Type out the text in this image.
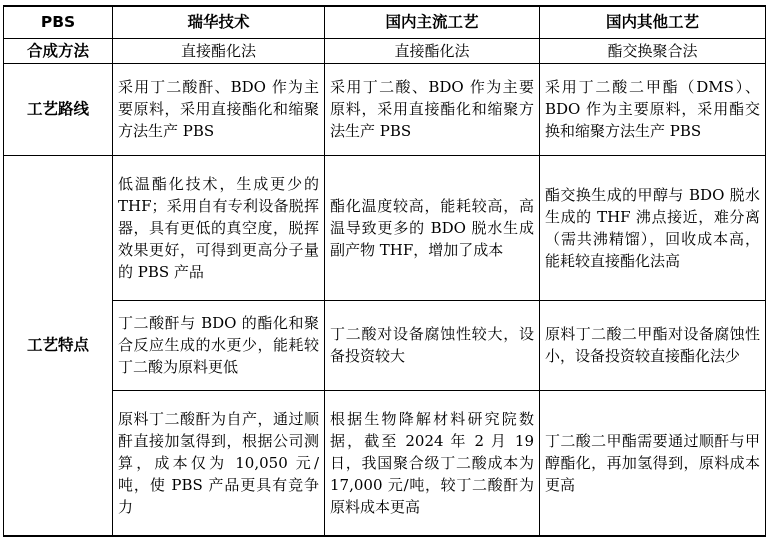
PBS	瑞华技术	国内主流工艺	国内其他工艺
合成方法	直接酯化法	直接酯化法	酯交换聚合法
工艺路线	采用丁二酸酐、BDO 作为主要原料，采用直接酯化和缩聚方法生产 PBS	采用丁二酸、BDO 作为主要原料，采用直接酯化和缩聚方法生产 PBS	采用丁二酸二甲酯（DMS）、BDO 作为主要原料，采用酯交换和缩聚方法生产 PBS
工艺特点	低温酯化技术，生成更少的 THF；采用自有专利设备脱挥器，具有更低的真空度，脱挥效果更好，可得到更高分子量的 PBS 产品	酯化温度较高，能耗较高，高温导致更多的 BDO 脱水生成副产物 THF，增加了成本	酯交换生成的甲醇与 BDO 脱水生成的 THF 沸点接近，难分离（需共沸精馏），回收成本高，能耗较直接酯化法高
	丁二酸酐与 BDO 的酯化和聚合反应生成的水更少，能耗较丁二酸为原料更低	丁二酸对设备腐蚀性较大，设备投资较大	原料丁二酸二甲酯对设备腐蚀性小，设备投资较直接酯化法少
	原料丁二酸酐为自产，通过顺酐直接加氢得到，根据公司测算，成本仅为 10,050 元/吨，使 PBS 产品更具有竞争力	根据生物降解材料研究院数据，截至 2024 年 2 月 19 日，我国聚合级丁二酸成本为 17,000 元/吨，较丁二酸酐为原料成本更高	丁二酸二甲酯需要通过顺酐与甲醇酯化，再加氢得到，原料成本更高
